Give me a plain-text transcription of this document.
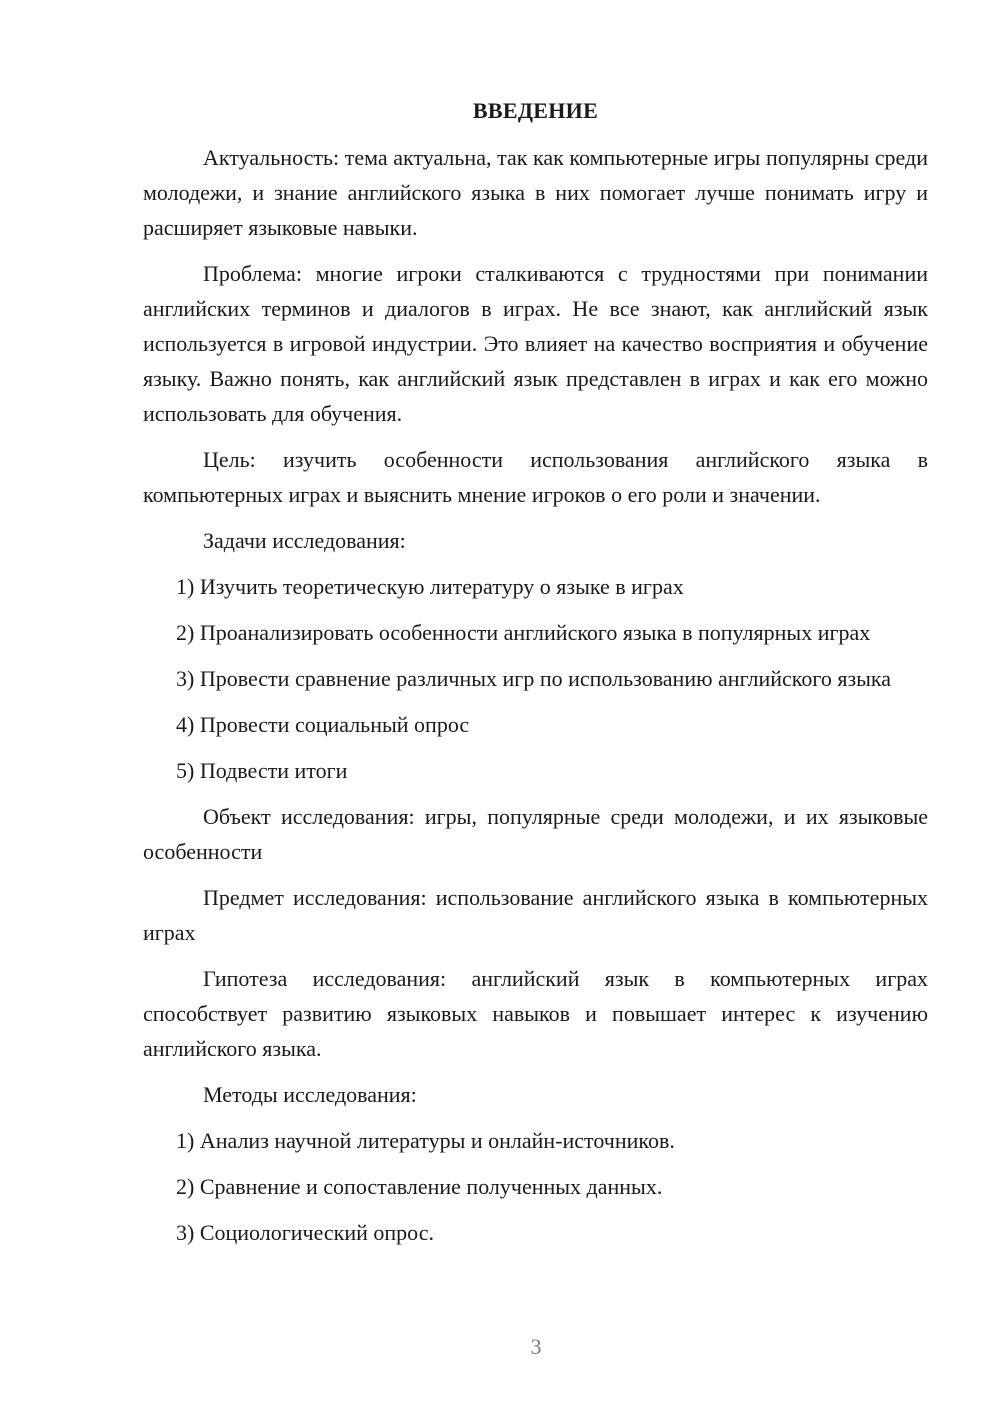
ВВЕДЕНИЕ

Актуальность: тема актуальна, так как компьютерные игры популярны среди молодежи, и знание английского языка в них помогает лучше понимать игру и расширяет языковые навыки.

Проблема: многие игроки сталкиваются с трудностями при понимании английских терминов и диалогов в играх. Не все знают, как английский язык используется в игровой индустрии. Это влияет на качество восприятия и обучение языку. Важно понять, как английский язык представлен в играх и как его можно использовать для обучения.

Цель: изучить особенности использования английского языка в компьютерных играх и выяснить мнение игроков о его роли и значении.

Задачи исследования:

1) Изучить теоретическую литературу о языке в играх

2) Проанализировать особенности английского языка в популярных играх

3) Провести сравнение различных игр по использованию английского языка

4) Провести социальный опрос

5) Подвести итоги

Объект исследования: игры, популярные среди молодежи, и их языковые особенности

Предмет исследования: использование английского языка в компьютерных играх

Гипотеза исследования: английский язык в компьютерных играх способствует развитию языковых навыков и повышает интерес к изучению английского языка.

Методы исследования:

1) Анализ научной литературы и онлайн-источников.

2) Сравнение и сопоставление полученных данных.

3) Социологический опрос.

3
